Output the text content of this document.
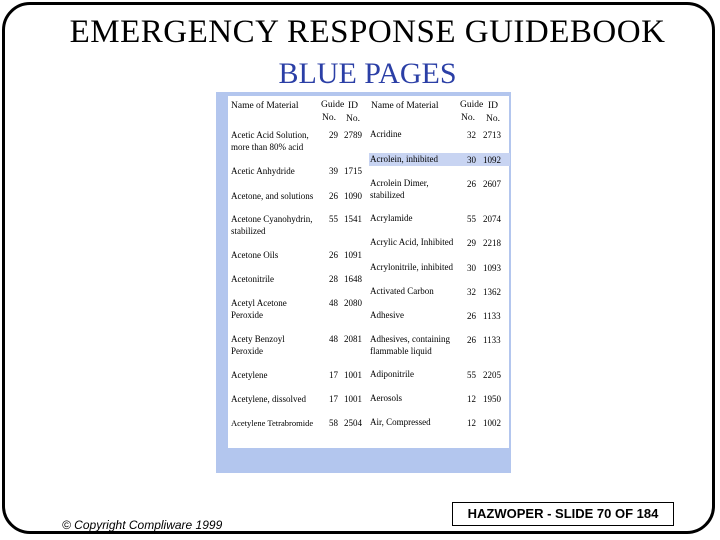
EMERGENCY RESPONSE GUIDEBOOK
BLUE PAGES
Name of Material Guide ID
No. No.
Name of Material Guide ID
No. No.
Acetic Acid Solution,
more than 80% acid
29 2789
Acetic Anhydride	39 1715
Acetone, and solutions 26 1090
Acetone Cyanohydrin,
stabilized
55 1541
Acetone Oils	26 1091
Acetonitrile	28 1648
Acetyl Acetone
Peroxide
48 2080
Acety Benzoyl
Peroxide
48 2081
Acetylene	17 1001
Acetylene, dissolved	17 1001
Acetylene Tetrabromide 58 2504
Acridine	32 2713
Acrolein, inhibited	30 1092
Acrolein Dimer,
stabilized
26 2607
Acrylamide	55 2074
Acrylic Acid, Inhibited 29 2218
Acrylonitrile, inhibited 30 1093
Activated Carbon	32 1362
Adhesive	26 1133
Adhesives, containing
flammable liquid
26 1133
Adiponitrile	55 2205
Aerosols	12 1950
Air, Compressed	12 1002
HAZWOPER - SLIDE 70 OF 184
© Copyright Compliware 1999
